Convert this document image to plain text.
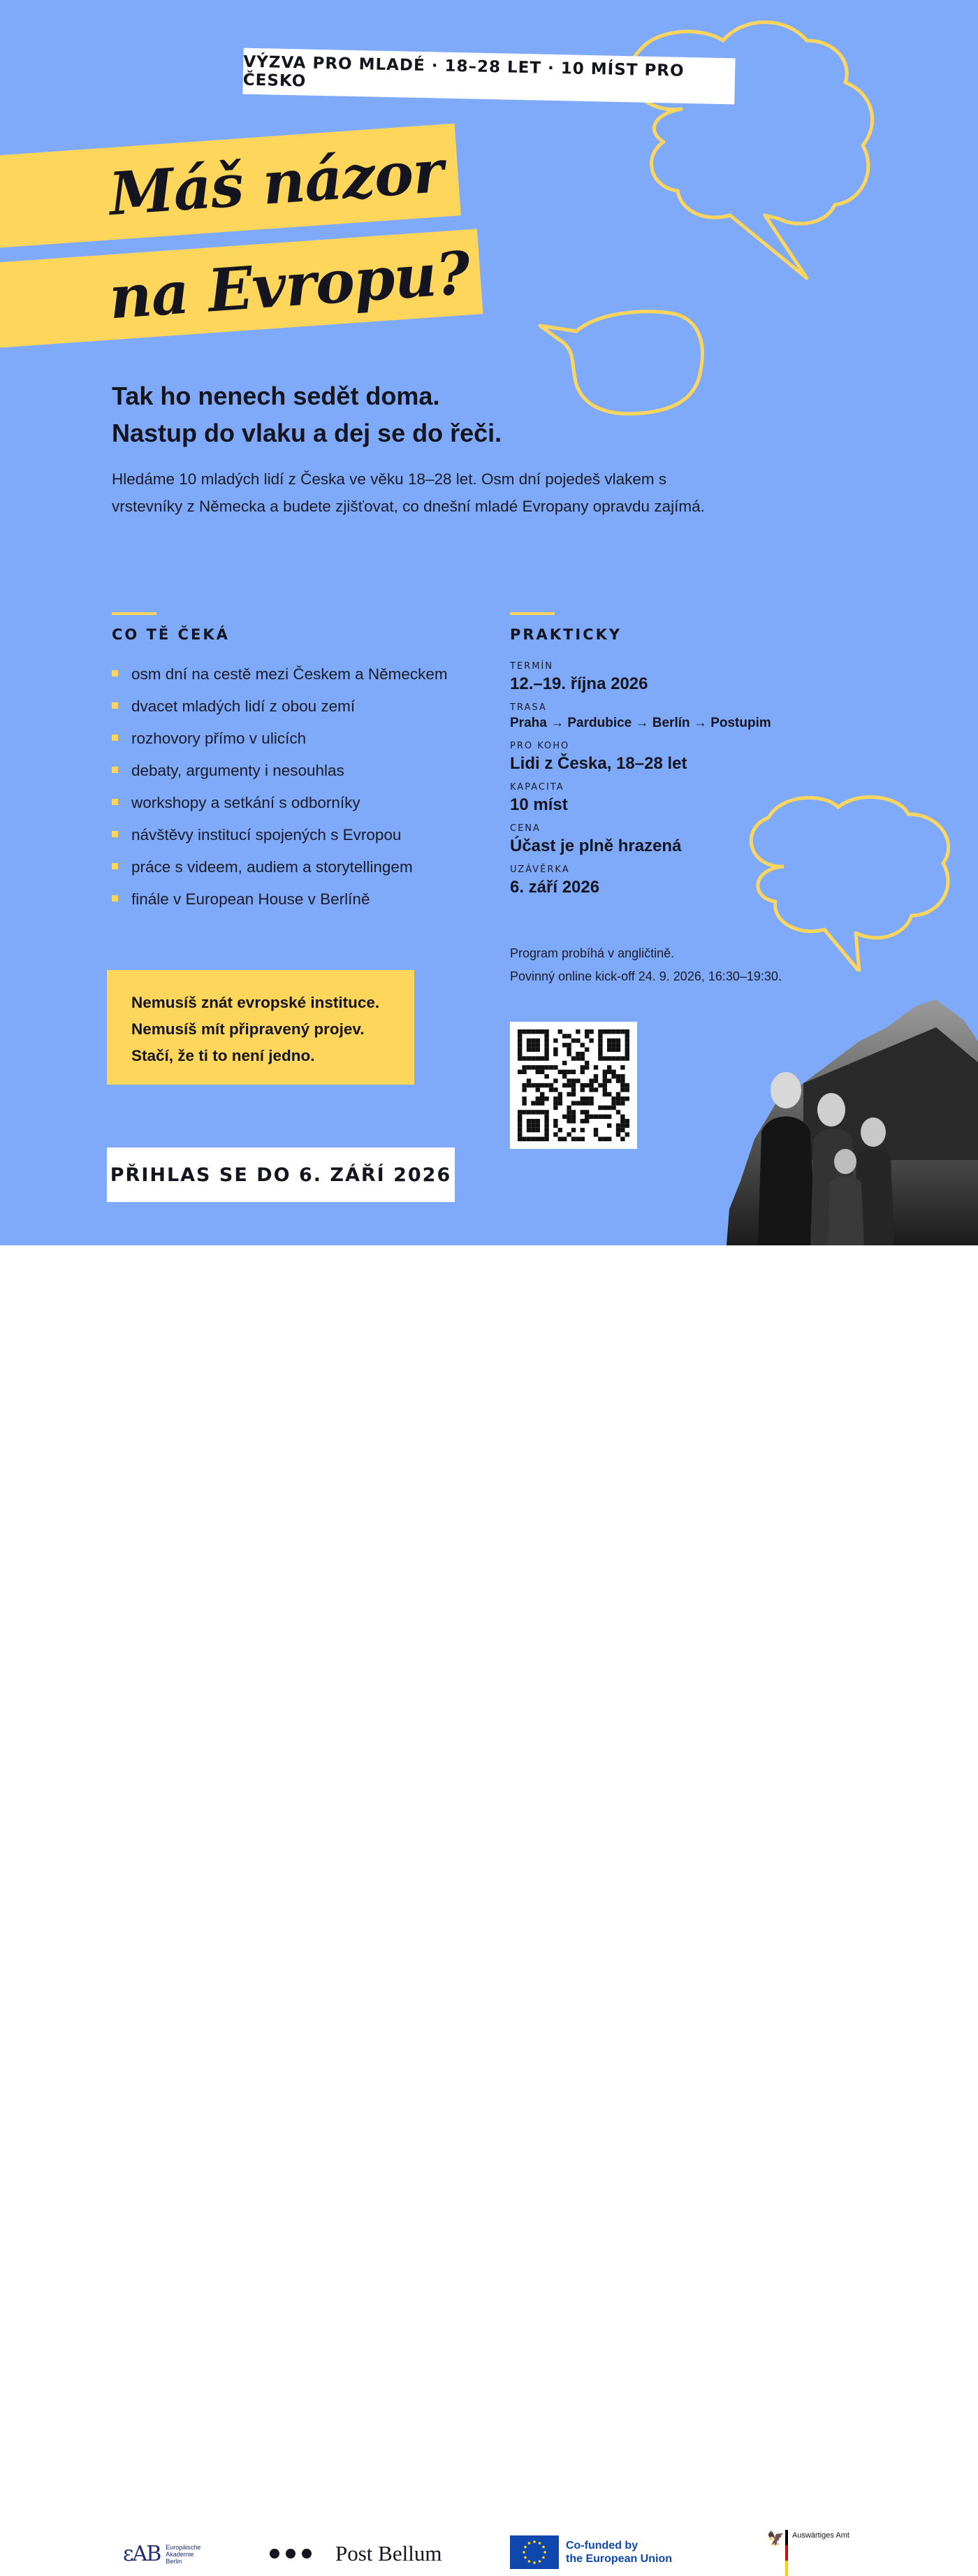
VÝZVA PRO MLADÉ · 18–28 LET · 10 MÍST PRO ČESKO
Máš názor
na Evropu?
Tak ho nenech sedět doma.
Nastup do vlaku a dej se do řeči.
Hledáme 10 mladých lidí z Česka ve věku 18–28 let. Osm dní pojedeš vlakem s vrstevníky z Německa a budete zjišťovat, co dnešní mladé Evropany opravdu zajímá.
CO TĚ ČEKÁ
osm dní na cestě mezi Českem a Německem
dvacet mladých lidí z obou zemí
rozhovory přímo v ulicích
debaty, argumenty i nesouhlas
workshopy a setkání s odborníky
návštěvy institucí spojených s Evropou
práce s videem, audiem a storytellingem
finále v European House v Berlíně
PRAKTICKY
TERMÍN
12.–19. října 2026
TRASA
Praha → Pardubice → Berlín → Postupim
PRO KOHO
Lidi z Česka, 18–28 let
KAPACITA
10 míst
CENA
Účast je plně hrazená
UZÁVĚRKA
6. září 2026
Program probíhá v angličtině.
Povinný online kick-off 24. 9. 2026, 16:30–19:30.
Nemusíš znát evropské instituce.
Nemusíš mít připravený projev.
Stačí, že ti to není jedno.
PŘIHLAS SE DO 6. ZÁŘÍ 2026
ɛAB Europäische
Akademie
Berlin	Post Bellum	Co-funded by
the European Union
🦅 Auswärtiges Amt
